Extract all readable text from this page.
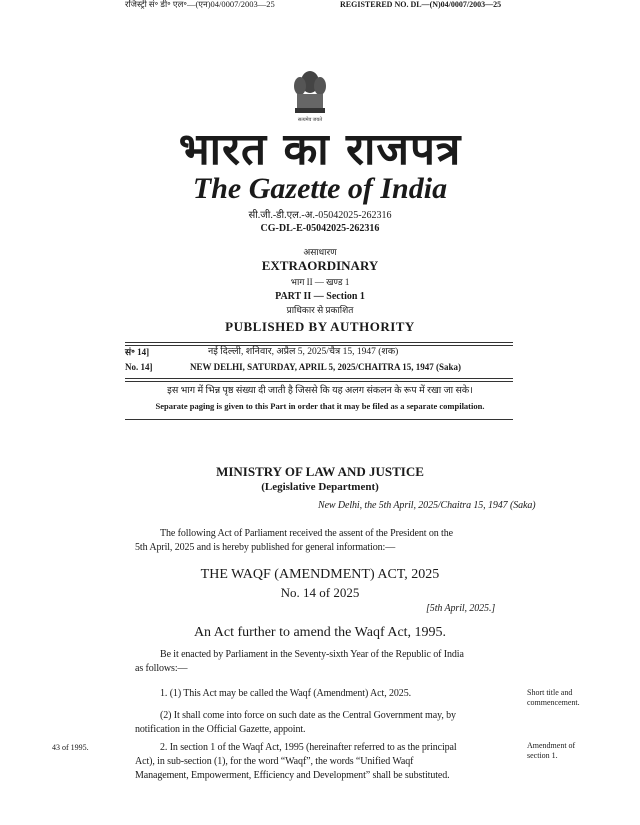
रजिस्ट्री सं॰ डी॰ एल॰—(एन)04/0007/2003—25	REGISTERED NO. DL—(N)04/0007/2003—25
सत्यमेव जयते
भारत का राजपत्र
The Gazette of India
सी.जी.-डी.एल.-अ.-05042025-262316
CG-DL-E-05042025-262316
असाधारण
EXTRAORDINARY
भाग II — खण्ड 1
PART II — Section 1
प्राधिकार से प्रकाशित
PUBLISHED BY AUTHORITY
सं॰ 14]	नई दिल्ली, शनिवार, अप्रैल 5, 2025/चैत्र 15, 1947 (शक)
No. 14]	NEW DELHI, SATURDAY, APRIL 5, 2025/CHAITRA 15, 1947 (Saka)
इस भाग में भिन्न पृष्ठ संख्या दी जाती है जिससे कि यह अलग संकलन के रूप में रखा जा सके।
Separate paging is given to this Part in order that it may be filed as a separate compilation.
MINISTRY OF LAW AND JUSTICE
(Legislative Department)
New Delhi, the 5th April, 2025/Chaitra 15, 1947 (Saka)
The following Act of Parliament received the assent of the President on the
5th April, 2025 and is hereby published for general information:—
THE WAQF (AMENDMENT) ACT, 2025
No. 14 of 2025
[5th April, 2025.]
An Act further to amend the Waqf Act, 1995.
Be it enacted by Parliament in the Seventy-sixth Year of the Republic of India
as follows:—
1. (1) This Act may be called the Waqf (Amendment) Act, 2025.
(2) It shall come into force on such date as the Central Government may, by
notification in the Official Gazette, appoint.
2. In section 1 of the Waqf Act, 1995 (hereinafter referred to as the principal
Act), in sub-section (1), for the word “Waqf”, the words “Unified Waqf
Management, Empowerment, Efficiency and Development” shall be substituted.
Short title and commencement.
Amendment of section 1.
43 of 1995.
